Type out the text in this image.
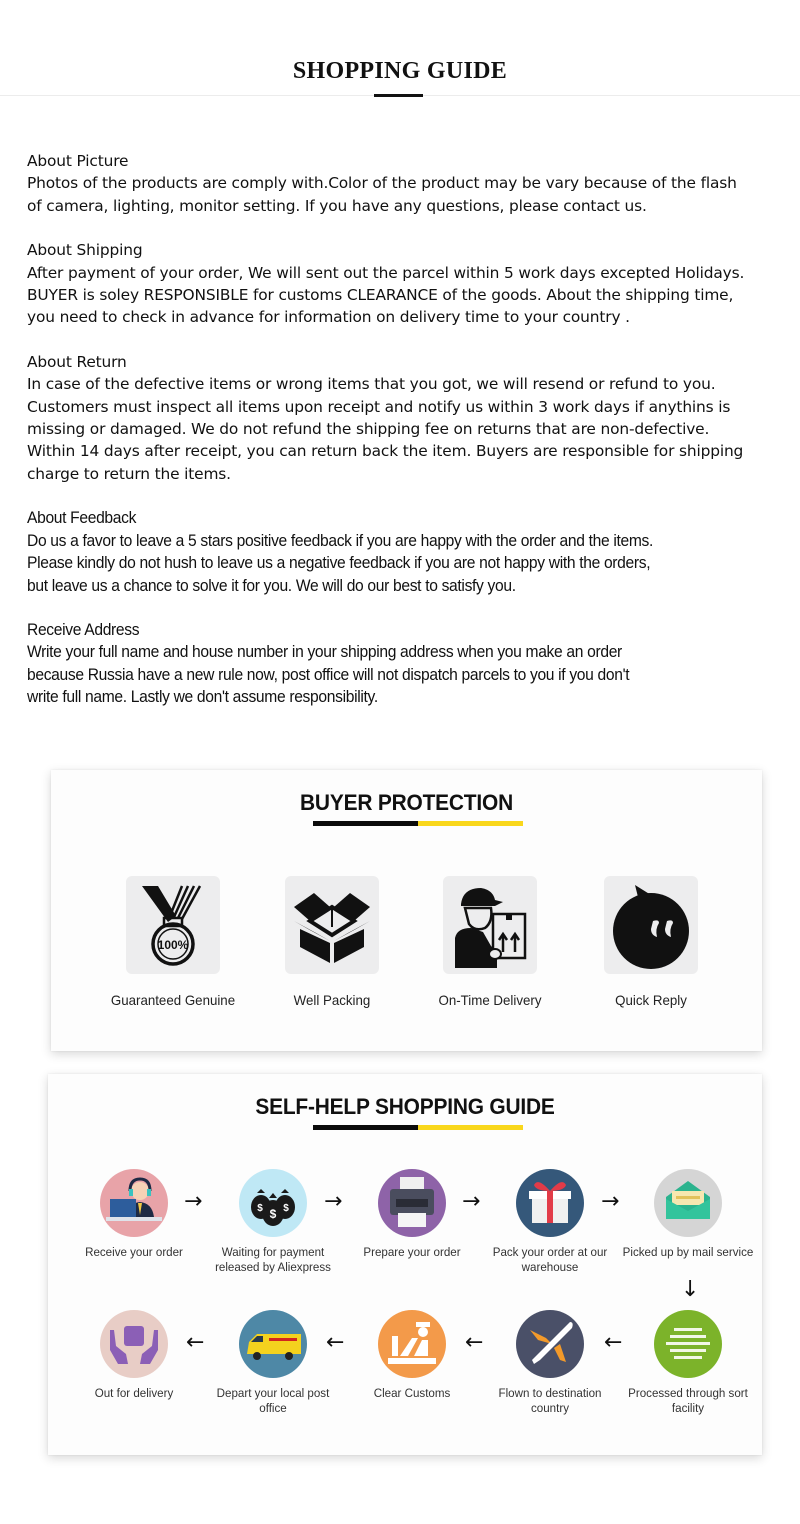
SHOPPING GUIDE
About Picture
Photos of the products are comply with.Color of the product may be vary because of the flash
of camera, lighting, monitor setting. If you have any questions, please contact us.
About Shipping
After payment of your order, We will sent out the parcel within 5 work days excepted Holidays.
BUYER is soley RESPONSIBLE for customs CLEARANCE of the goods. About the shipping time,
you need to check in advance for information on delivery time to your country .
About Return
In case of the defective items or wrong items that you got, we will resend or refund to you.
Customers must inspect all items upon receipt and notify us within 3 work days if anythins is
missing or damaged. We do not refund the shipping fee on returns that are non-defective.
Within 14 days after receipt, you can return back the item. Buyers are responsible for shipping
charge to return the items.
About Feedback
Do us a favor to leave a 5 stars positive feedback if you are happy with the order and the items.
Please kindly do not hush to leave us a negative feedback if you are not happy with the orders,
but leave us a chance to solve it for you. We will do our best to satisfy you.
Receive Address
Write your full name and house number in your shipping address when you make an order
because Russia have a new rule now, post office will not dispatch parcels to you if you don't
write full name. Lastly we don't assume responsibility.
BUYER PROTECTION
100%
Guaranteed Genuine	Well Packing	On-Time Delivery	Quick Reply
SELF-HELP SHOPPING GUIDE
Receive your order
→	$ $
$
Waiting for payment released by Aliexpress
→
Prepare your order
→
Pack your order at our warehouse
→
Picked up by mail service
↓
Out for delivery
←
Depart your local post office
←
Clear Customs
←
Flown to destination country
←
Processed through sort facility
